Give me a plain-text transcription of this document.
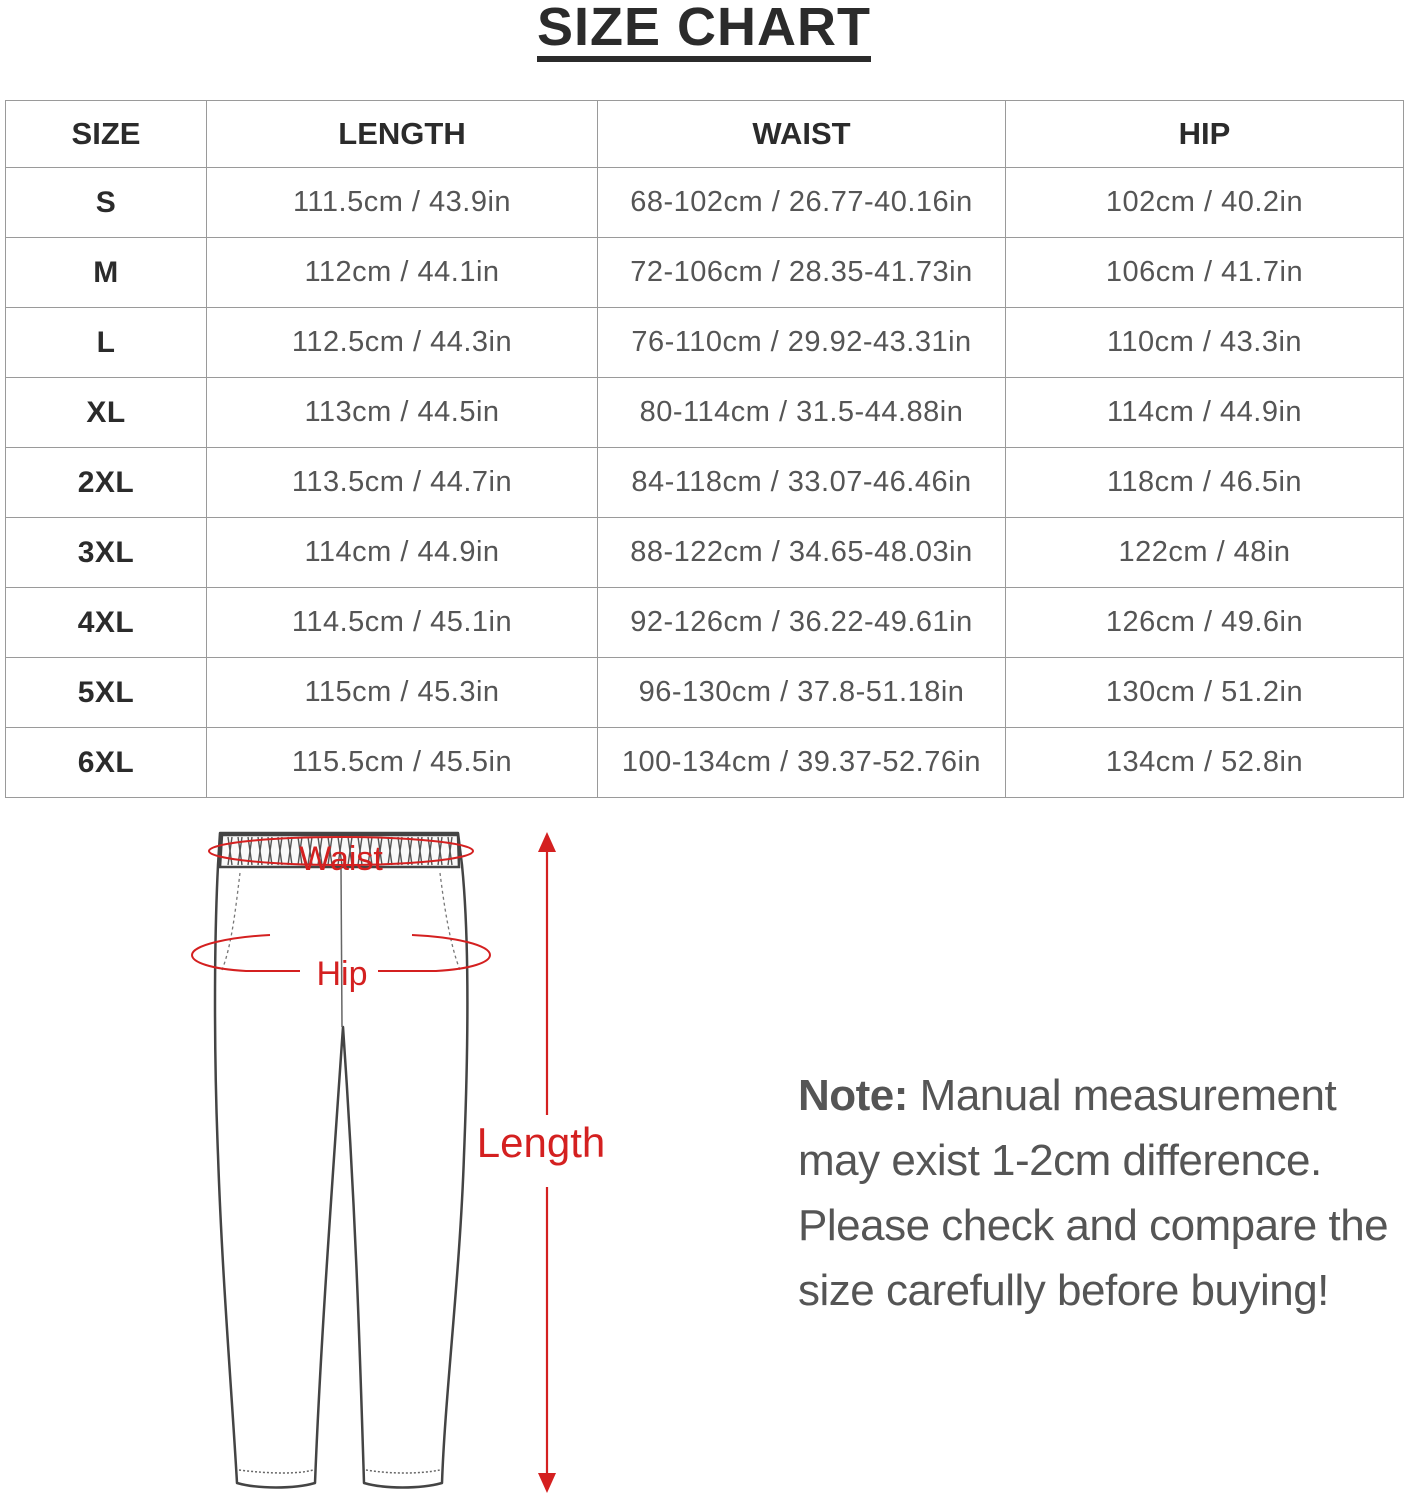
SIZE CHART
SIZE	LENGTH	WAIST	HIP
S	111.5cm / 43.9in	68-102cm / 26.77-40.16in	102cm / 40.2in
M	112cm / 44.1in	72-106cm / 28.35-41.73in	106cm / 41.7in
L	112.5cm / 44.3in	76-110cm / 29.92-43.31in	110cm / 43.3in
XL	113cm / 44.5in	80-114cm / 31.5-44.88in	114cm / 44.9in
2XL	113.5cm / 44.7in	84-118cm / 33.07-46.46in	118cm / 46.5in
3XL	114cm / 44.9in	88-122cm / 34.65-48.03in	122cm / 48in
4XL	114.5cm / 45.1in	92-126cm / 36.22-49.61in	126cm / 49.6in
5XL	115cm / 45.3in	96-130cm / 37.8-51.18in	130cm / 51.2in
6XL	115.5cm / 45.5in	100-134cm / 39.37-52.76in	134cm / 52.8in
Waist
Hip
Length
Note: Manual measurement may exist 1-2cm difference. Please check and compare the size carefully before buying!
